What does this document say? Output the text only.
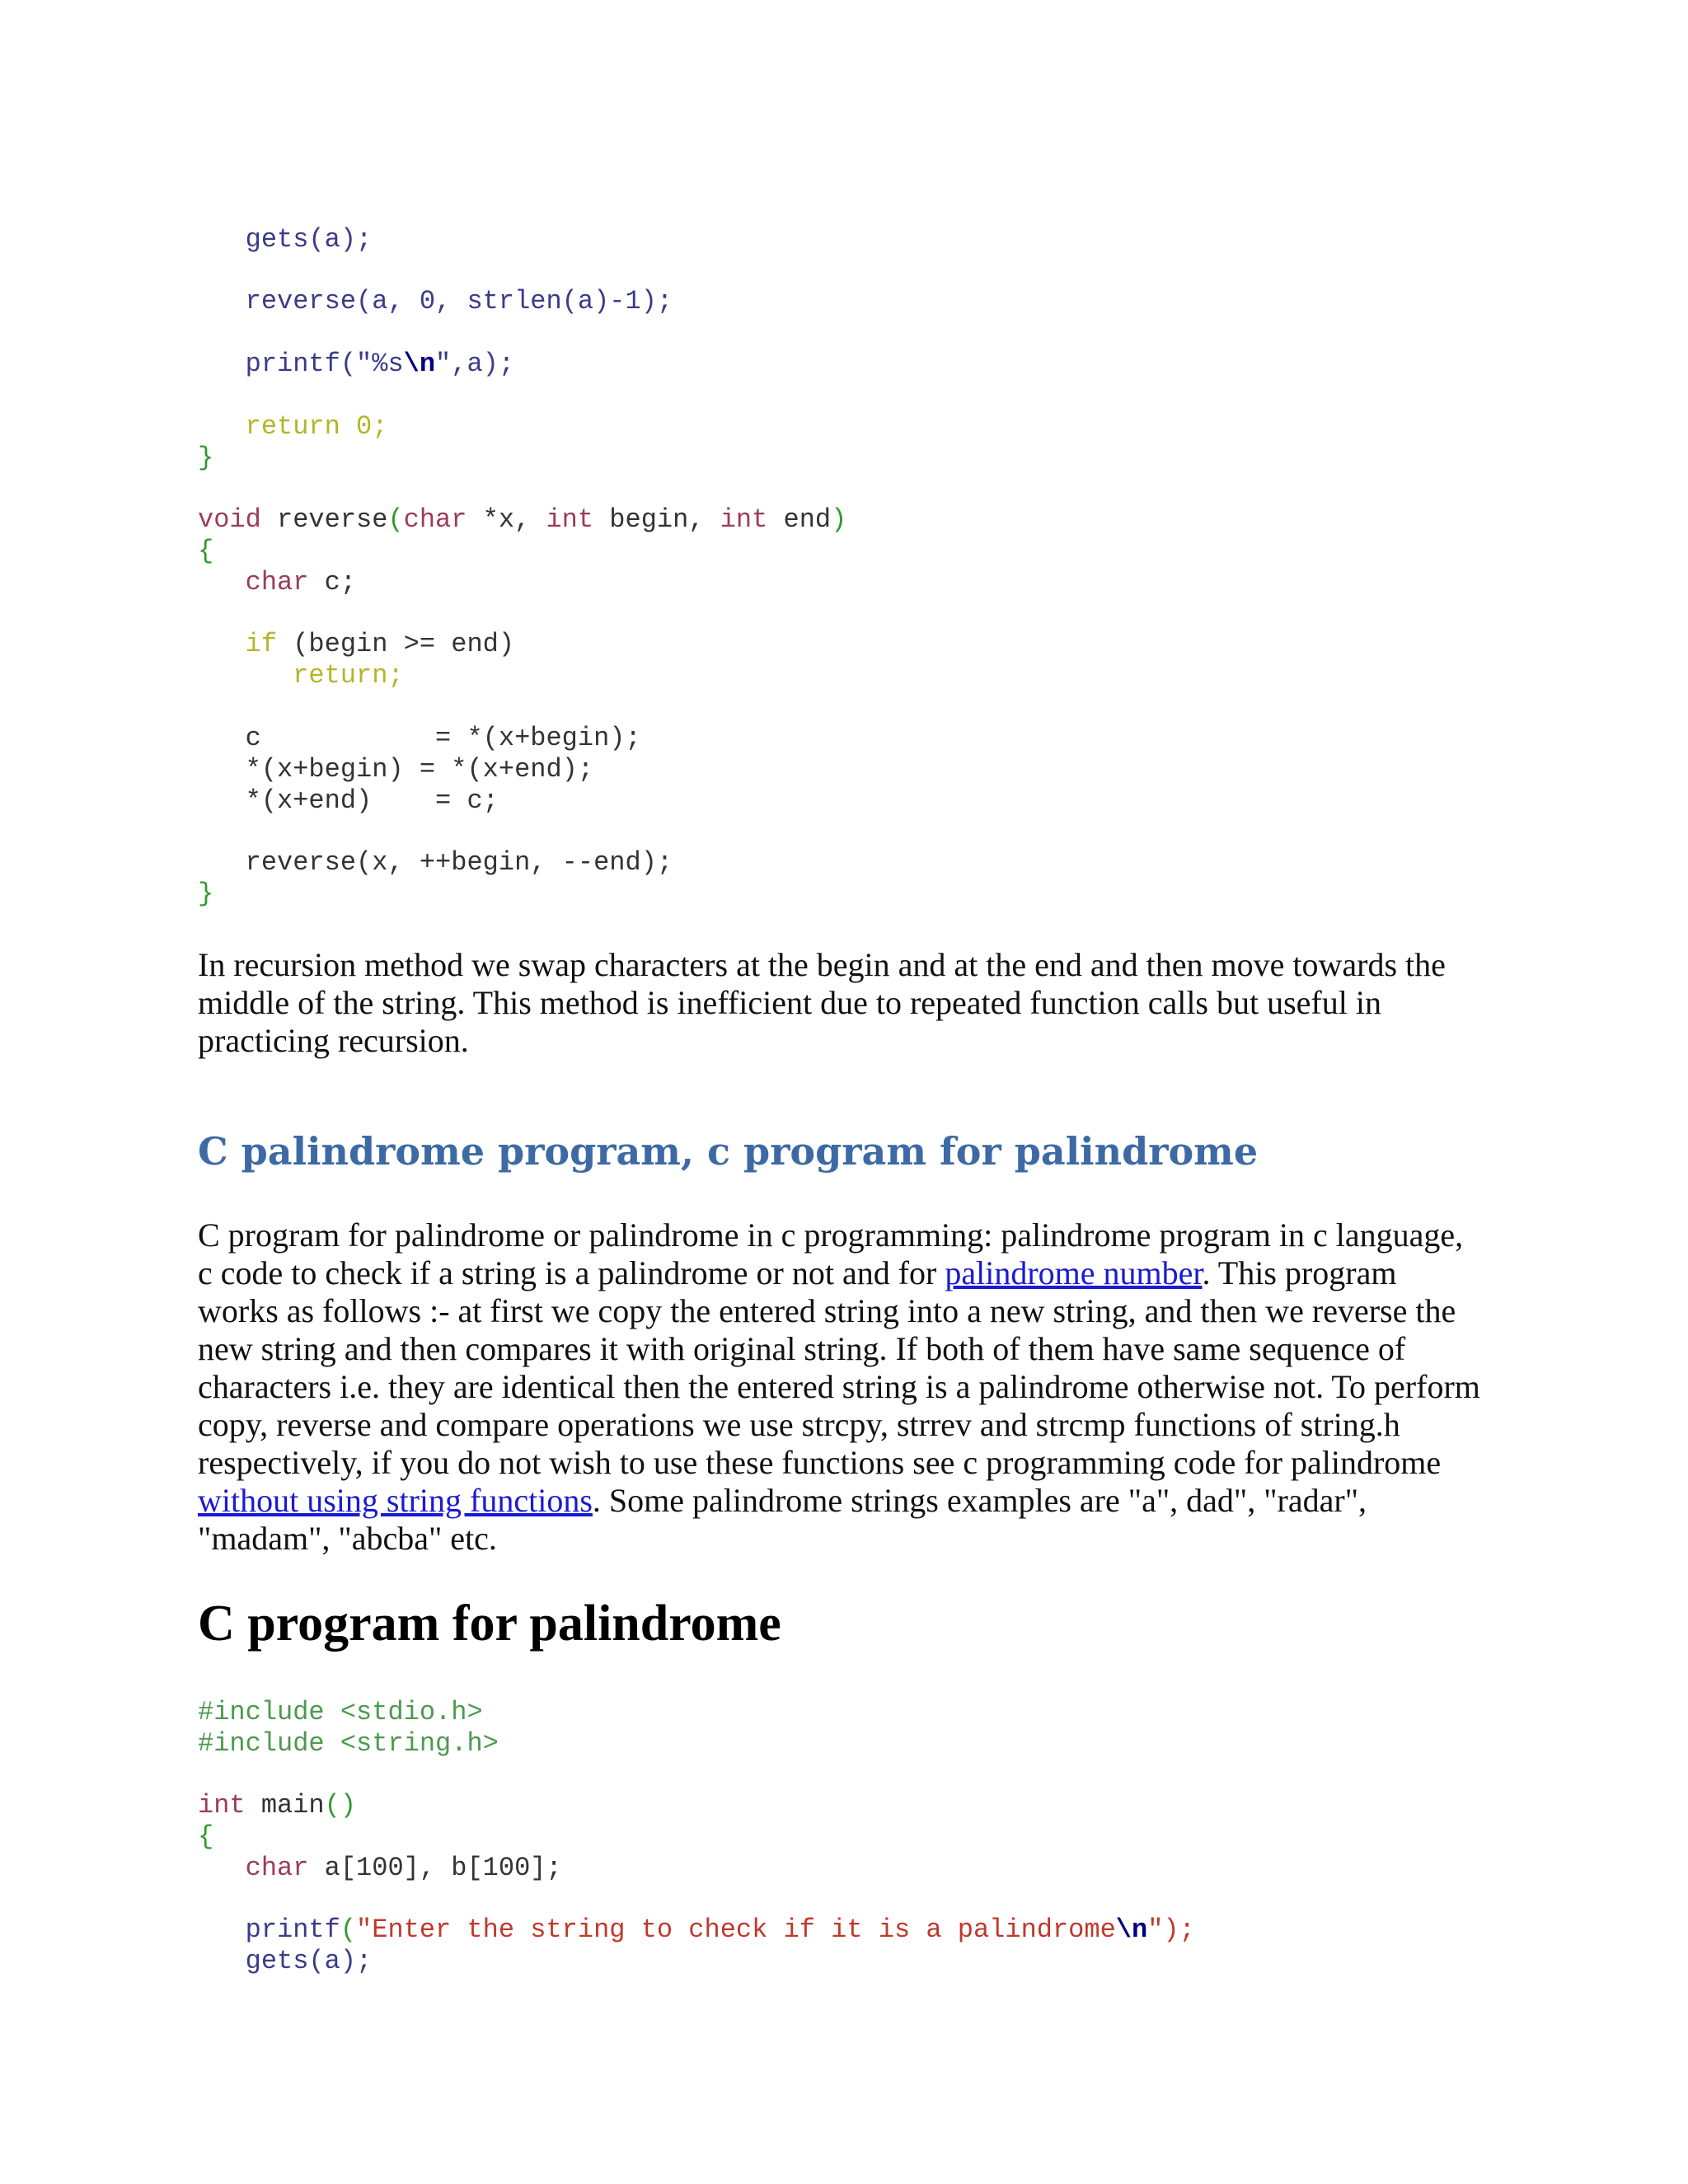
gets(a);
reverse(a, 0, strlen(a)-1);
printf("%s\n",a);
return 0;
}
void reverse(char *x, int begin, int end)
{
char c;
if (begin >= end)
return;
c           = *(x+begin);
*(x+begin) = *(x+end);
*(x+end)    = c;
reverse(x, ++begin, --end);
}

In recursion method we swap characters at the begin and at the end and then move towards the middle of the string. This method is inefficient due to repeated function calls but useful in practicing recursion.

C palindrome program, c program for palindrome

C program for palindrome or palindrome in c programming: palindrome program in c language, c code to check if a string is a palindrome or not and for palindrome number. This program works as follows :- at first we copy the entered string into a new string, and then we reverse the new string and then compares it with original string. If both of them have same sequence of characters i.e. they are identical then the entered string is a palindrome otherwise not. To perform copy, reverse and compare operations we use strcpy, strrev and strcmp functions of string.h respectively, if you do not wish to use these functions see c programming code for palindrome without using string functions. Some palindrome strings examples are "a", dad", "radar", "madam", "abcba" etc.

C program for palindrome
#include <stdio.h>
#include <string.h>
int main()
{
char a[100], b[100];
printf("Enter the string to check if it is a palindrome\n");
gets(a);
